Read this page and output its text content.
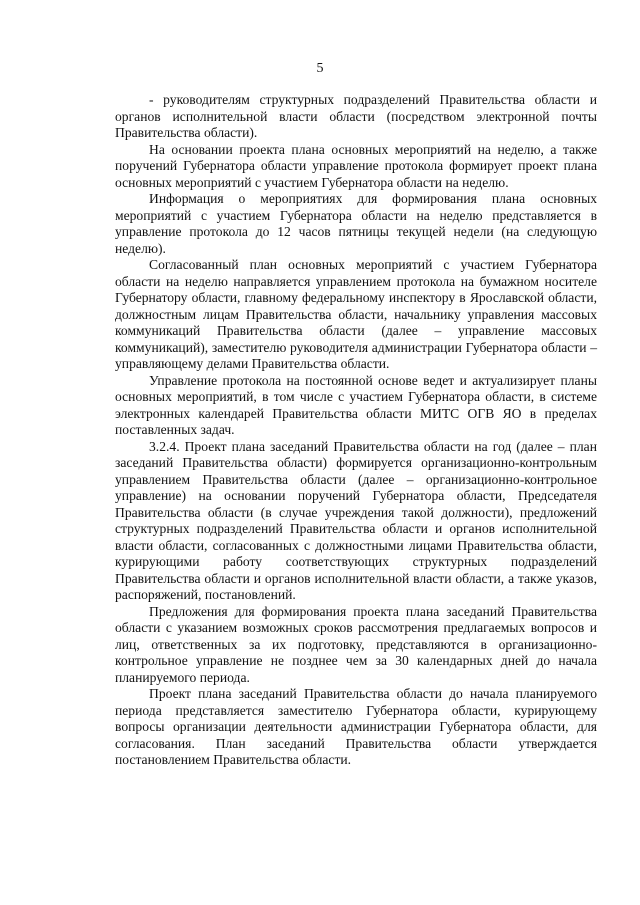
5

- руководителям структурных подразделений Правительства области и органов исполнительной власти области (посредством электронной почты Правительства области).

На основании проекта плана основных мероприятий на неделю, а также поручений Губернатора области управление протокола формирует проект плана основных мероприятий с участием Губернатора области на неделю.

Информация о мероприятиях для формирования плана основных мероприятий с участием Губернатора области на неделю представляется в управление протокола до 12 часов пятницы текущей недели (на следующую неделю).

Согласованный план основных мероприятий с участием Губернатора области на неделю направляется управлением протокола на бумажном носителе Губернатору области, главному федеральному инспектору в Ярославской области, должностным лицам Правительства области, начальнику управления массовых коммуникаций Правительства области (далее – управление массовых коммуникаций), заместителю руководителя администрации Губернатора области – управляющему делами Правительства области.

Управление протокола на постоянной основе ведет и актуализирует планы основных мероприятий, в том числе с участием Губернатора области, в системе электронных календарей Правительства области МИТС ОГВ ЯО в пределах поставленных задач.

3.2.4. Проект плана заседаний Правительства области на год (далее – план заседаний Правительства области) формируется организационно-контрольным управлением Правительства области (далее – организационно-контрольное управление) на основании поручений Губернатора области, Председателя Правительства области (в случае учреждения такой должности), предложений структурных подразделений Правительства области и органов исполнительной власти области, согласованных с должностными лицами Правительства области, курирующими работу соответствующих структурных подразделений Правительства области и органов исполнительной власти области, а также указов, распоряжений, постановлений.

Предложения для формирования проекта плана заседаний Правительства области с указанием возможных сроков рассмотрения предлагаемых вопросов и лиц, ответственных за их подготовку, представляются в организационно-контрольное управление не позднее чем за 30 календарных дней до начала планируемого периода.

Проект плана заседаний Правительства области до начала планируемого периода представляется заместителю Губернатора области, курирующему вопросы организации деятельности администрации Губернатора области, для согласования. План заседаний Правительства области утверждается постановлением Правительства области.
